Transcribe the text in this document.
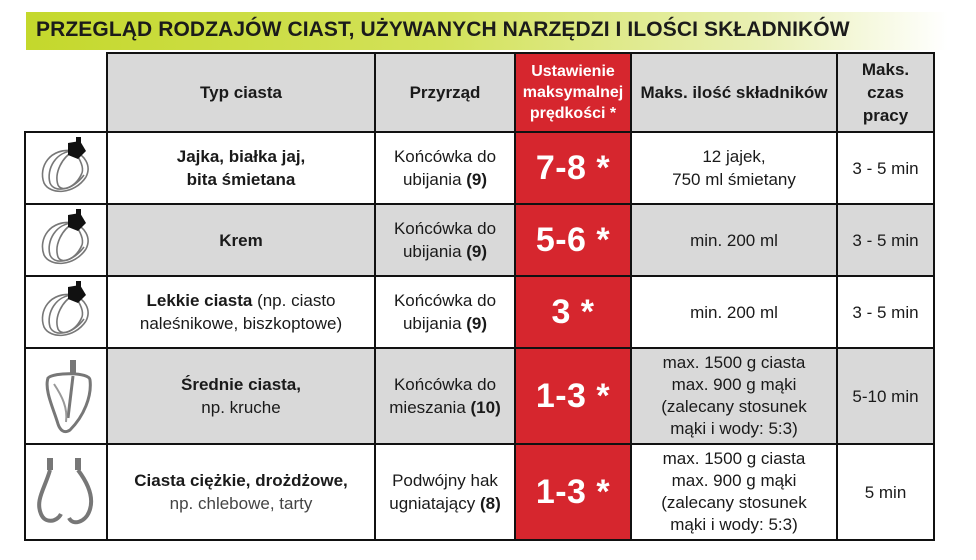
PRZEGLĄD RODZAJÓW CIAST, UŻYWANYCH NARZĘDZI I ILOŚCI SKŁADNIKÓW
	Typ ciasta	Przyrząd	Ustawienie
maksymalnej
prędkości *	Maks. ilość składników	Maks.
czas
pracy

	Jajka, białka jaj,
bita śmietana	Końcówka do
ubijania (9)	7-8 *	12 jajek,
750 ml śmietany	3 - 5 min

	Krem	Końcówka do
ubijania (9)	5-6 *	min. 200 ml	3 - 5 min

	Lekkie ciasta (np. ciasto
naleśnikowe, biszkoptowe)	Końcówka do
ubijania (9)	3 *	min. 200 ml	3 - 5 min

	Średnie ciasta,
np. kruche	Końcówka do
mieszania (10)	1-3 *	max. 1500 g ciasta
max. 900 g mąki
(zalecany stosunek
mąki i wody: 5:3)	5-10 min

	Ciasta ciężkie, drożdżowe,
np. chlebowe, tarty	Podwójny hak
ugniatający (8)	1-3 *	max. 1500 g ciasta
max. 900 g mąki
(zalecany stosunek
mąki i wody: 5:3)	5 min
